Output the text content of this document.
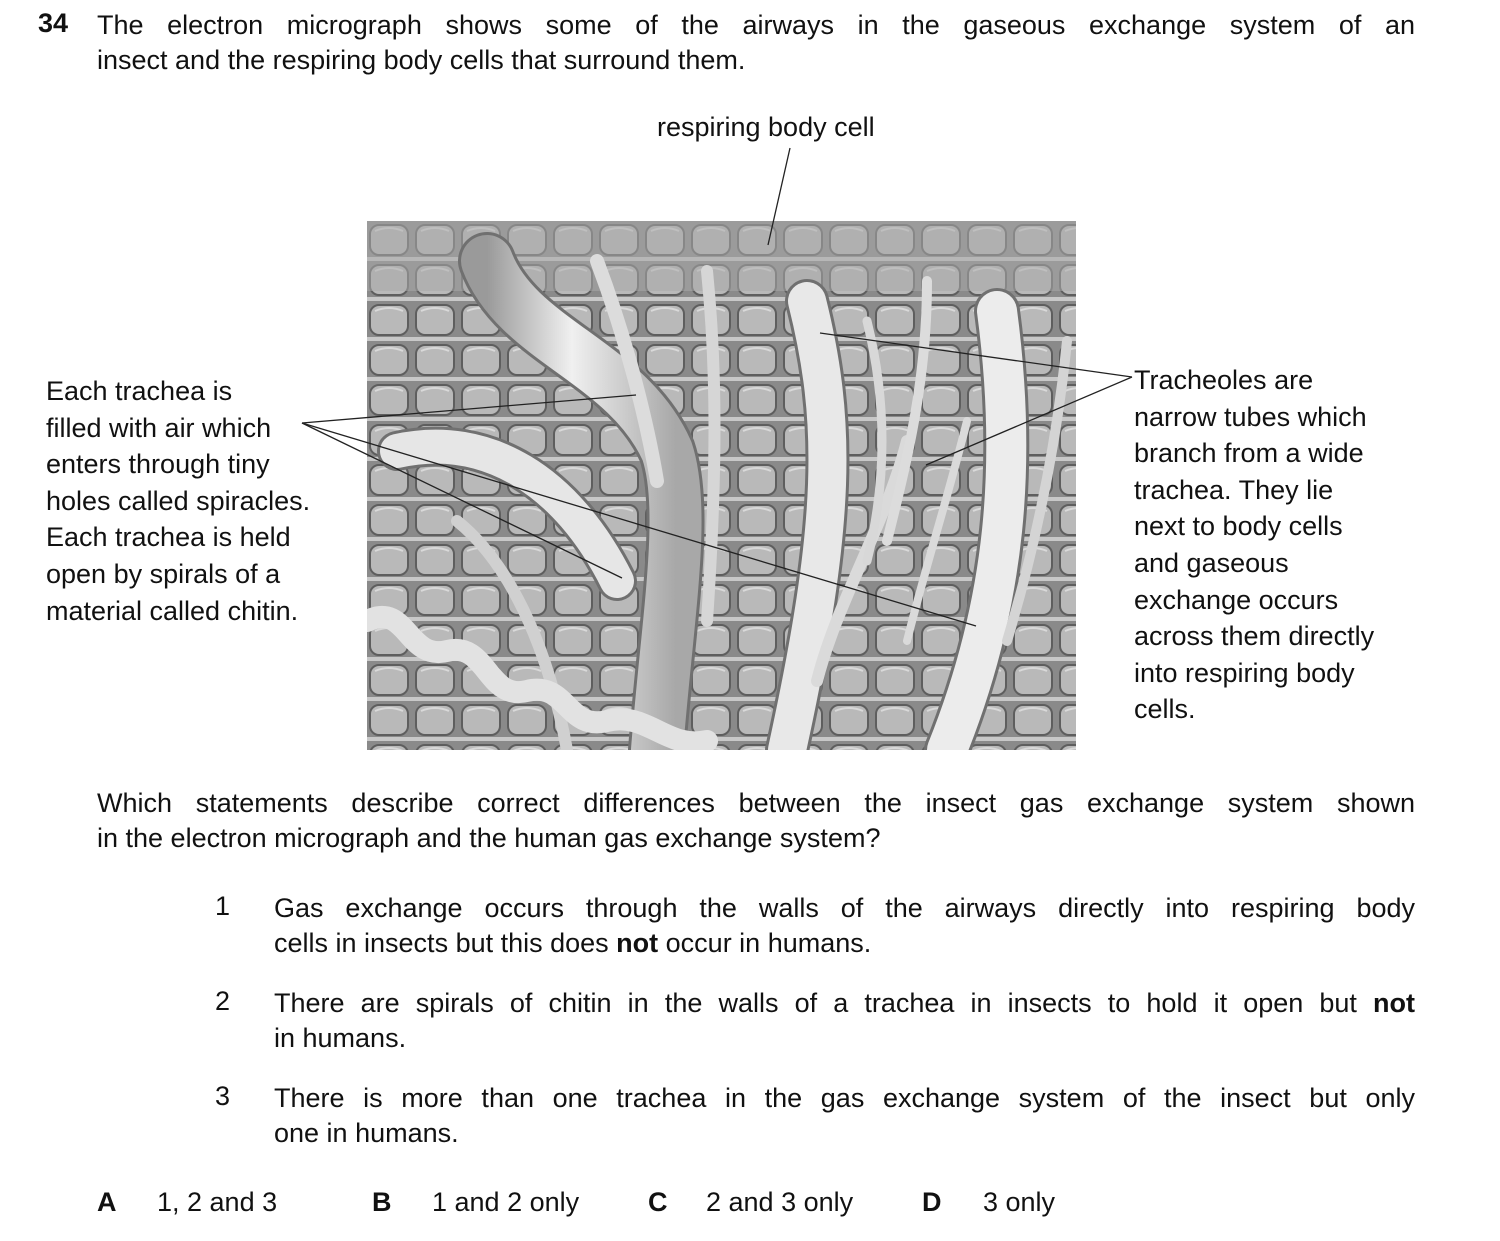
34 The electron micrograph shows some of the airways in the gaseous exchange system of an
insect and the respiring body cells that surround them.
respiring body cell
Each trachea is
filled with air which
enters through tiny
holes called spiracles.
Each trachea is held
open by spirals of a
material called chitin.
Tracheoles are
narrow tubes which
branch from a wide
trachea. They lie
next to body cells
and gaseous
exchange occurs
across them directly
into respiring body
cells.
Which statements describe correct differences between the insect gas exchange system shown
in the electron micrograph and the human gas exchange system?
1 Gas exchange occurs through the walls of the airways directly into respiring body
cells in insects but this does not occur in humans.
2 There are spirals of chitin in the walls of a trachea in insects to hold it open but not
in humans.
3 There is more than one trachea in the gas exchange system of the insect but only
one in humans.
A 1, 2 and 3	B 1 and 2 only	C 2 and 3 only	D 3 only
